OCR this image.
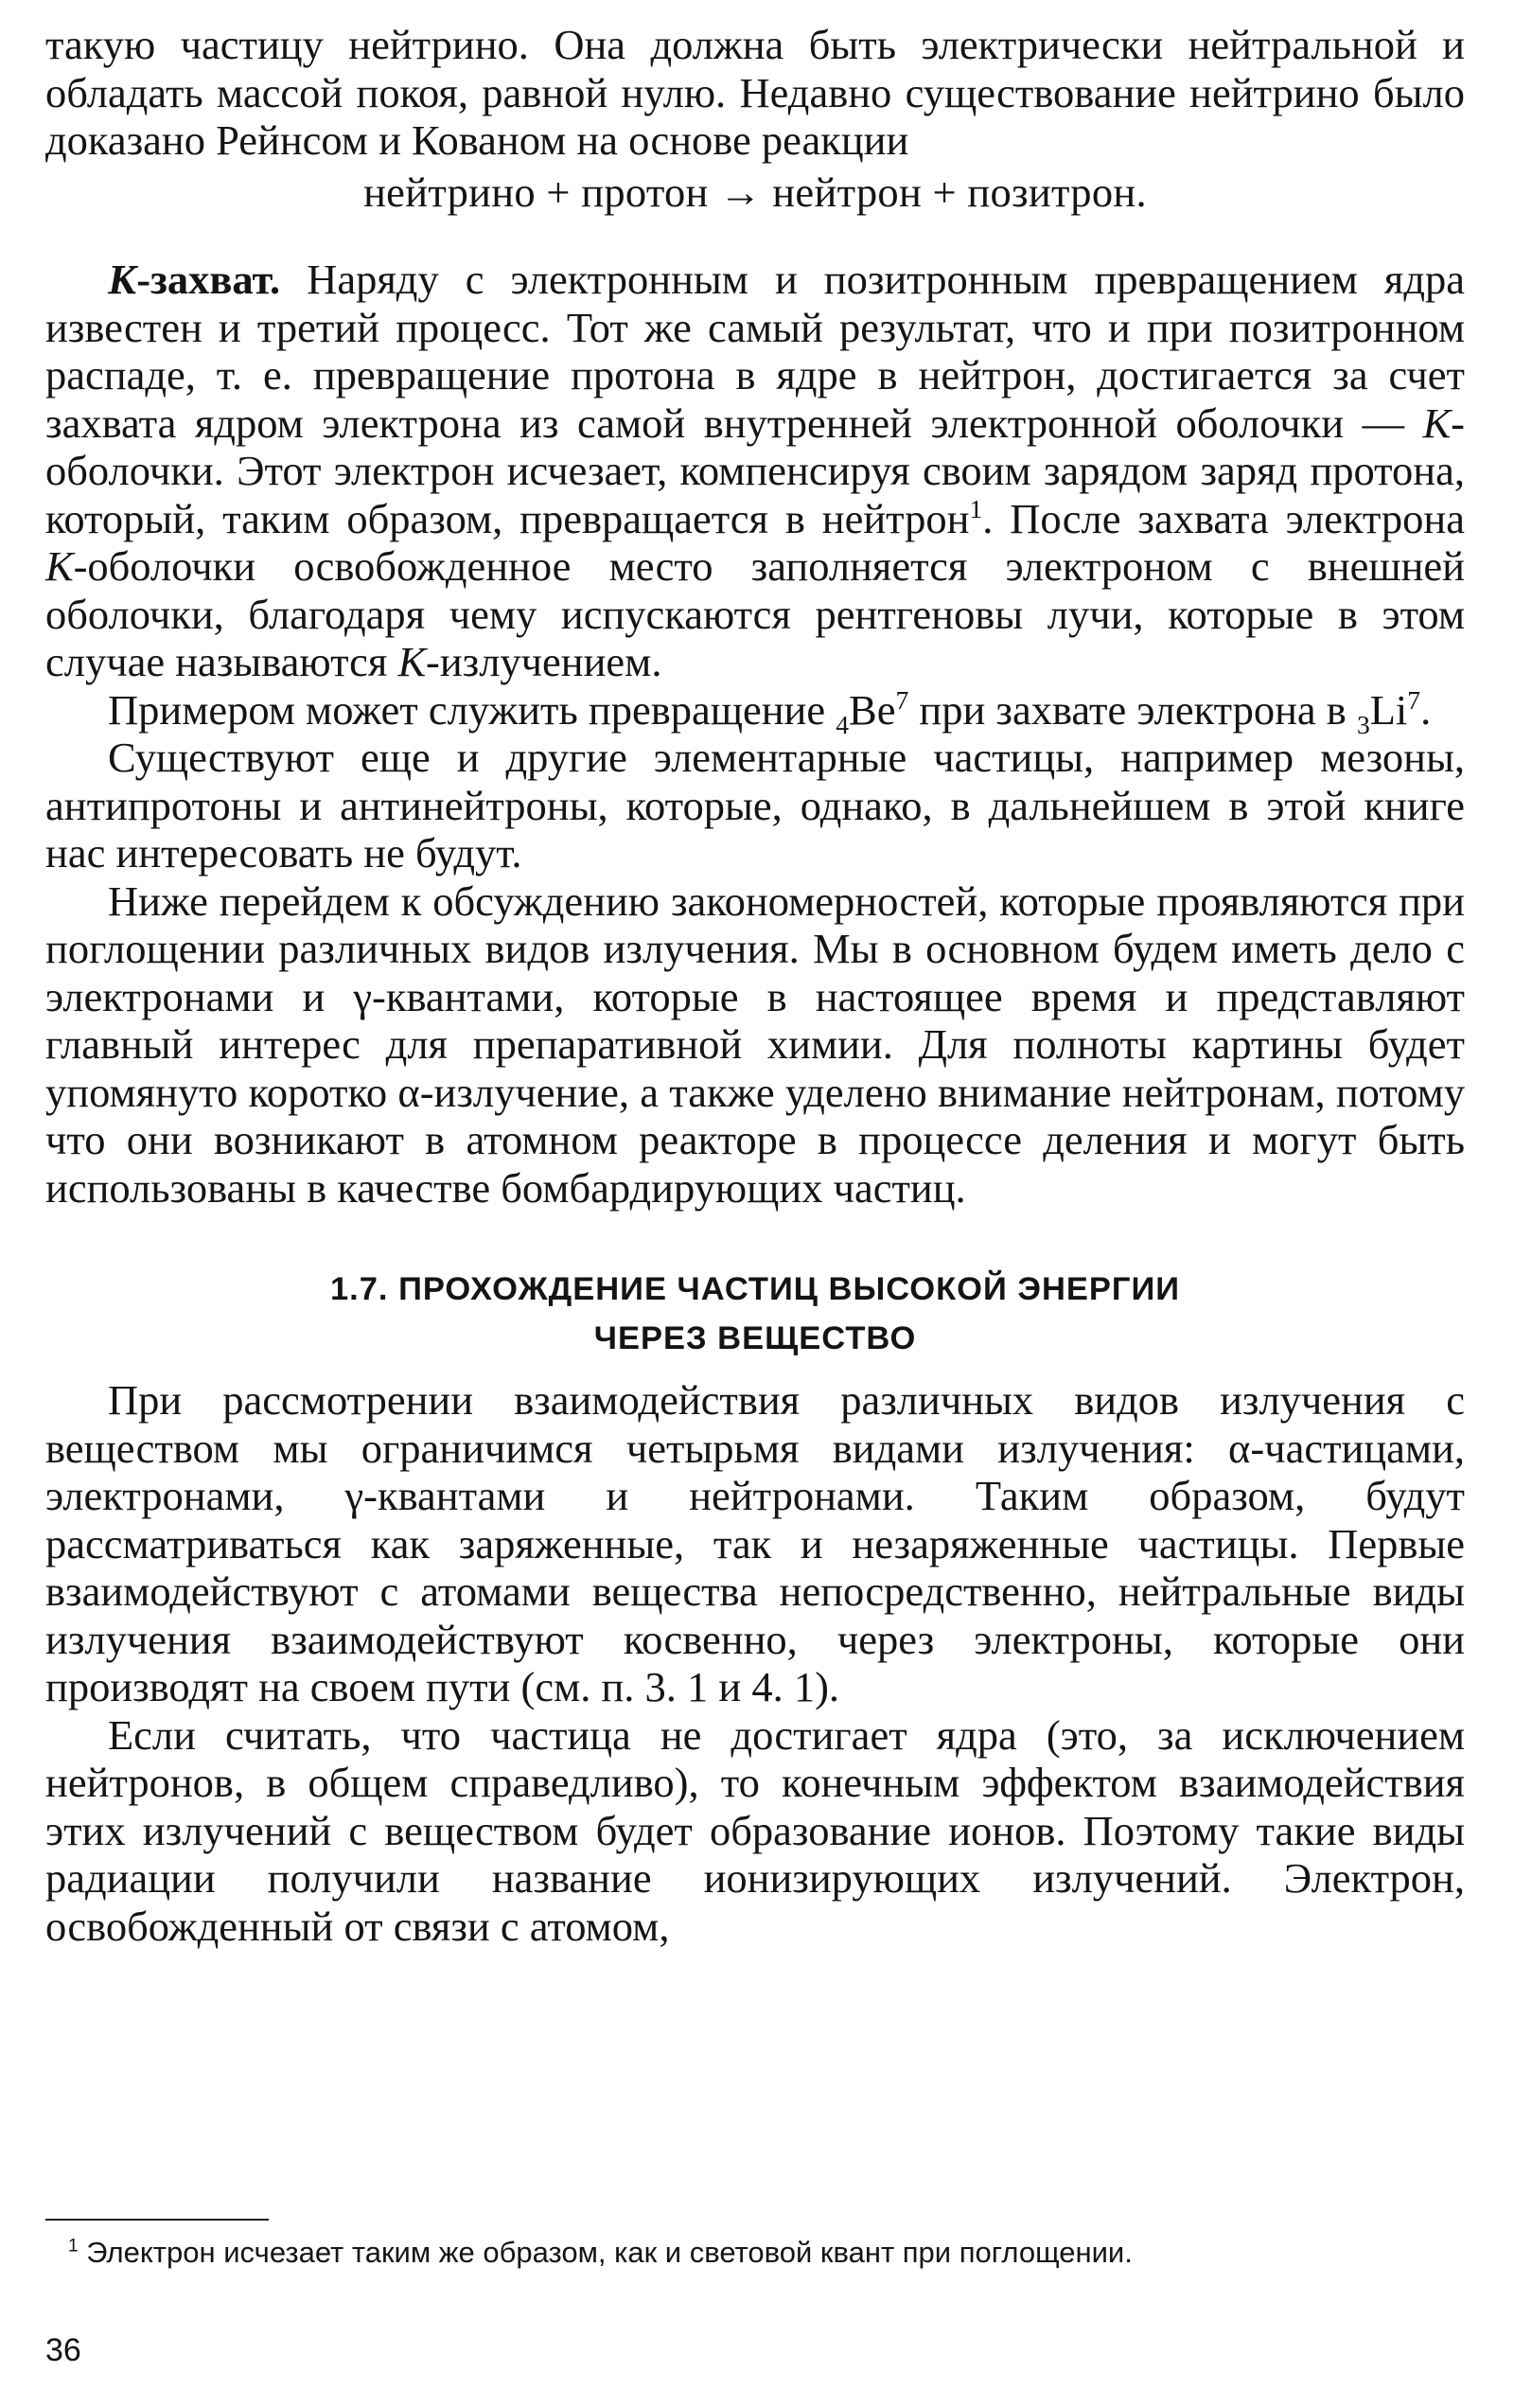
такую частицу нейтрино. Она должна быть электрически нейтральной и обладать массой покоя, равной нулю. Недавно существование нейтрино было доказано Рейнсом и Кованом на основе реакции

нейтрино + протон → нейтрон + позитрон.

К-захват. Наряду с электронным и позитронным превращением ядра известен и третий процесс. Тот же самый результат, что и при позитронном распаде, т. е. превращение протона в ядре в нейтрон, достигается за счет захвата ядром электрона из самой внутренней электронной оболочки — К-оболочки. Этот электрон исчезает, компенсируя своим зарядом заряд протона, который, таким образом, превращается в нейтрон$^1$. После захвата электрона К-оболочки освобожденное место заполняется электроном с внешней оболочки, благодаря чему испускаются рентгеновы лучи, которые в этом случае называются К-излучением.

Примером может служить превращение $_4Be^7$ при захвате электрона в $_3Li^7$.

Существуют еще и другие элементарные частицы, например мезоны, антипротоны и антинейтроны, которые, однако, в дальнейшем в этой книге нас интересовать не будут.

Ниже перейдем к обсуждению закономерностей, которые проявляются при поглощении различных видов излучения. Мы в основном будем иметь дело с электронами и γ-квантами, которые в настоящее время и представляют главный интерес для препаративной химии. Для полноты картины будет упомянуто коротко α-излучение, а также уделено внимание нейтронам, потому что они возникают в атомном реакторе в процессе деления и могут быть использованы в качестве бомбардирующих частиц.

1.7. ПРОХОЖДЕНИЕ ЧАСТИЦ ВЫСОКОЙ ЭНЕРГИИ
ЧЕРЕЗ ВЕЩЕСТВО

При рассмотрении взаимодействия различных видов излучения с веществом мы ограничимся четырьмя видами излучения: α-частицами, электронами, γ-квантами и нейтронами. Таким образом, будут рассматриваться как заряженные, так и незаряженные частицы. Первые взаимодействуют с атомами вещества непосредственно, нейтральные виды излучения взаимодействуют косвенно, через электроны, которые они производят на своем пути (см. п. 3. 1 и 4. 1).

Если считать, что частица не достигает ядра (это, за исключением нейтронов, в общем справедливо), то конечным эффектом взаимодействия этих излучений с веществом будет образование ионов. Поэтому такие виды радиации получили название ионизирующих излучений. Электрон, освобожденный от связи с атомом,

$^1$ Электрон исчезает таким же образом, как и световой квант при поглощении.
36
